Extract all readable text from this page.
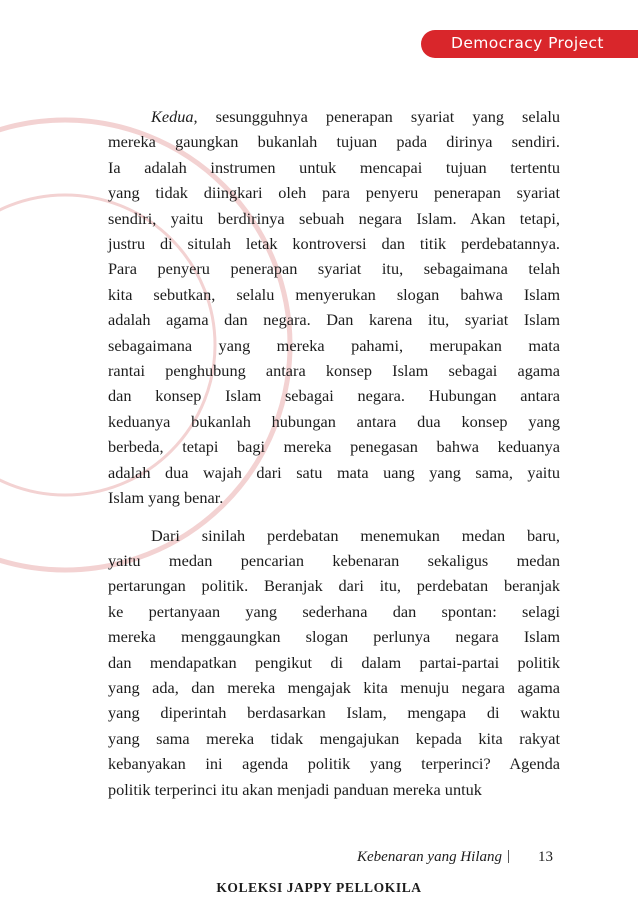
Democracy Project

Kedua, sesungguhnya penerapan syariat yang selalu
mereka gaungkan bukanlah tujuan pada dirinya sendiri.
Ia adalah instrumen untuk mencapai tujuan tertentu
yang tidak diingkari oleh para penyeru penerapan syariat
sendiri, yaitu berdirinya sebuah negara Islam. Akan tetapi,
justru di situlah letak kontroversi dan titik perdebatannya.
Para penyeru penerapan syariat itu, sebagaimana telah
kita sebutkan, selalu menyerukan slogan bahwa Islam
adalah agama dan negara. Dan karena itu, syariat Islam
sebagaimana yang mereka pahami, merupakan mata
rantai penghubung antara konsep Islam sebagai agama
dan konsep Islam sebagai negara. Hubungan antara
keduanya bukanlah hubungan antara dua konsep yang
berbeda, tetapi bagi mereka penegasan bahwa keduanya
adalah dua wajah dari satu mata uang yang sama, yaitu
Islam yang benar.

Dari sinilah perdebatan menemukan medan baru,
yaitu medan pencarian kebenaran sekaligus medan
pertarungan politik. Beranjak dari itu, perdebatan beranjak
ke pertanyaan yang sederhana dan spontan: selagi
mereka menggaungkan slogan perlunya negara Islam
dan mendapatkan pengikut di dalam partai-partai politik
yang ada, dan mereka mengajak kita menuju negara agama
yang diperintah berdasarkan Islam, mengapa di waktu
yang sama mereka tidak mengajukan kepada kita rakyat
kebanyakan ini agenda politik yang terperinci? Agenda
politik terperinci itu akan menjadi panduan mereka untuk

Kebenaran yang Hilang | 13
KOLEKSI JAPPY PELLOKILA
